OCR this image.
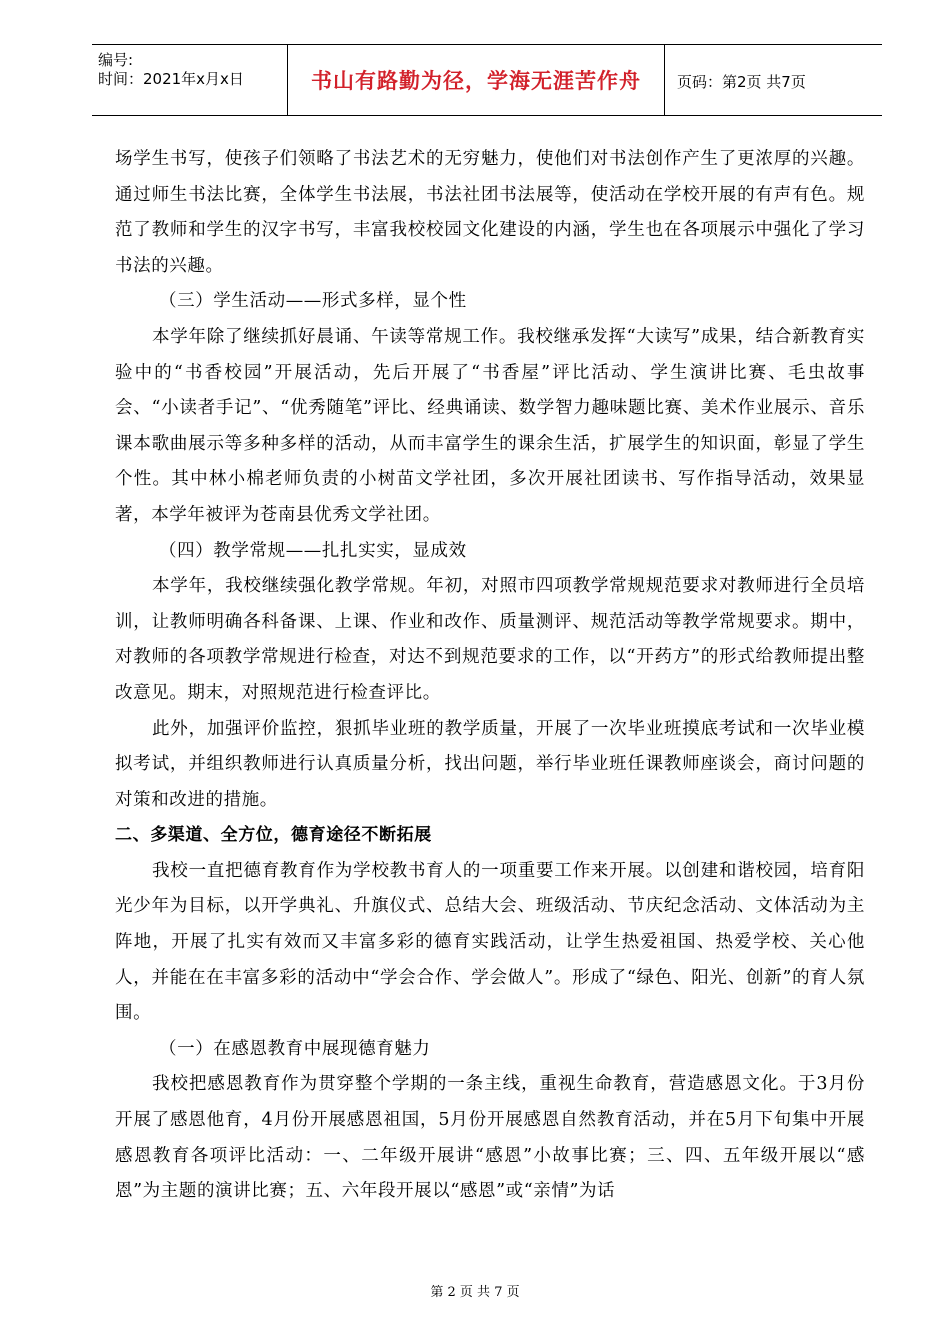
编号:
时间：2021年x月x日	书山有路勤为径，学海无涯苦作舟	页码：第2页 共7页

场学生书写，使孩子们领略了书法艺术的无穷魅力，使他们对书法创作产生了更浓厚的兴趣。通过师生书法比赛，全体学生书法展，书法社团书法展等，使活动在学校开展的有声有色。规范了教师和学生的汉字书写，丰富我校校园文化建设的内涵，学生也在各项展示中强化了学习书法的兴趣。

（三）学生活动——形式多样，显个性

本学年除了继续抓好晨诵、午读等常规工作。我校继承发挥“大读写”成果，结合新教育实验中的“书香校园”开展活动，先后开展了“书香屋”评比活动、学生演讲比赛、毛虫故事会、“小读者手记”、“优秀随笔”评比、经典诵读、数学智力趣味题比赛、美术作业展示、音乐课本歌曲展示等多种多样的活动，从而丰富学生的课余生活，扩展学生的知识面，彰显了学生个性。其中林小棉老师负责的小树苗文学社团，多次开展社团读书、写作指导活动，效果显著，本学年被评为苍南县优秀文学社团。

（四）教学常规——扎扎实实，显成效

本学年，我校继续强化教学常规。年初，对照市四项教学常规规范要求对教师进行全员培训，让教师明确各科备课、上课、作业和改作、质量测评、规范活动等教学常规要求。期中，对教师的各项教学常规进行检查，对达不到规范要求的工作，以“开药方”的形式给教师提出整改意见。期末，对照规范进行检查评比。

此外，加强评价监控，狠抓毕业班的教学质量，开展了一次毕业班摸底考试和一次毕业模拟考试，并组织教师进行认真质量分析，找出问题，举行毕业班任课教师座谈会，商讨问题的对策和改进的措施。

二、多渠道、全方位，德育途径不断拓展

我校一直把德育教育作为学校教书育人的一项重要工作来开展。以创建和谐校园，培育阳光少年为目标，以开学典礼、升旗仪式、总结大会、班级活动、节庆纪念活动、文体活动为主阵地，开展了扎实有效而又丰富多彩的德育实践活动，让学生热爱祖国、热爱学校、关心他人，并能在在丰富多彩的活动中“学会合作、学会做人”。形成了“绿色、阳光、创新”的育人氛围。

（一）在感恩教育中展现德育魅力

我校把感恩教育作为贯穿整个学期的一条主线，重视生命教育，营造感恩文化。于3月份开展了感恩他育，4月份开展感恩祖国，5月份开展感恩自然教育活动，并在5月下旬集中开展感恩教育各项评比活动：一、二年级开展讲“感恩”小故事比赛；三、四、五年级开展以“感恩”为主题的演讲比赛；五、六年段开展以“感恩”或“亲情”为话

第 2 页 共 7 页
